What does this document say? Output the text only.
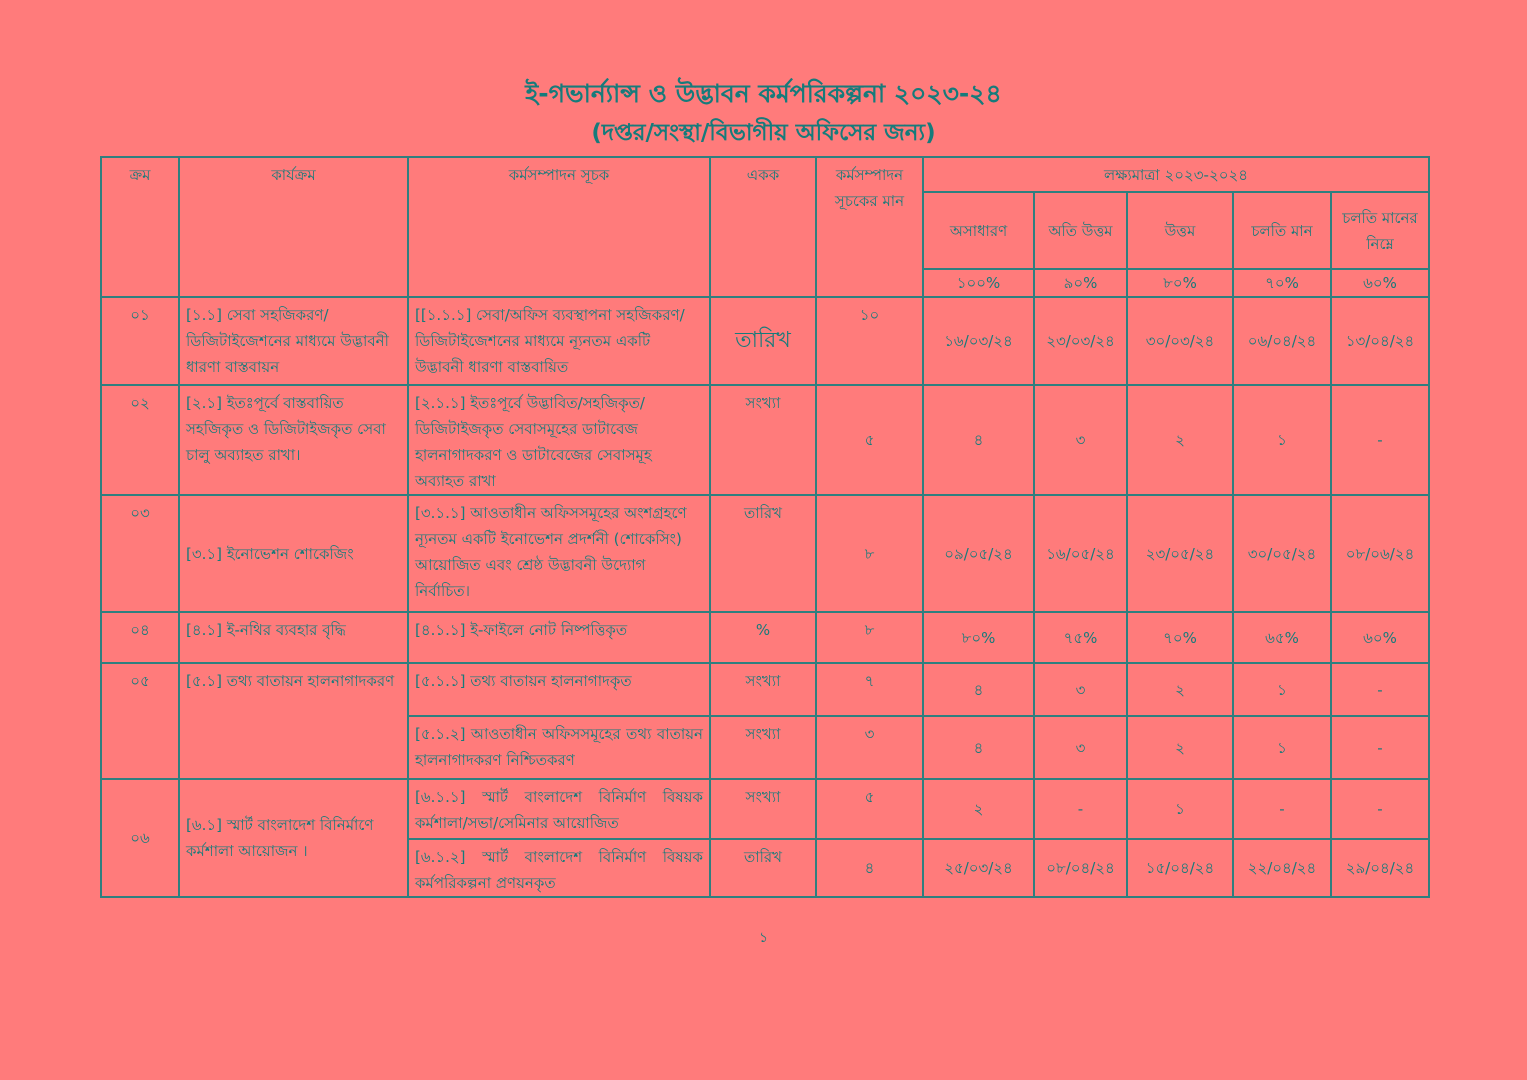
ই-গভার্ন্যান্স ও উদ্ভাবন কর্মপরিকল্পনা ২০২৩-২৪
(দপ্তর/সংস্থা/বিভাগীয় অফিসের জন্য)
ক্রম	কার্যক্রম	কর্মসম্পাদন সূচক	একক	কর্মসম্পাদন সূচকের মান	লক্ষ্যমাত্রা ২০২৩-২০২৪				
					অসাধারণ	অতি উত্তম	উত্তম	চলতি মান	চলতি মানের নিম্নে
					১০০%	৯০%	৮০%	৭০%	৬০%
০১	[১.১] সেবা সহজিকরণ/ ডিজিটাইজেশনের মাধ্যমে উদ্ভাবনী ধারণা বাস্তবায়ন	[[১.১.১] সেবা/অফিস ব্যবস্থাপনা সহজিকরণ/ডিজিটাইজেশনের মাধ্যমে ন্যূনতম একটি উদ্ভাবনী ধারণা বাস্তবায়িত	তারিখ	১০	১৬/০৩/২৪	২৩/০৩/২৪	৩০/০৩/২৪	০৬/০৪/২৪	১৩/০৪/২৪
০২	[২.১] ইতঃপূর্বে বাস্তবায়িত সহজিকৃত ও ডিজিটাইজকৃত সেবা চালু অব্যাহত রাখা।	[২.১.১] ইতঃপূর্বে উদ্ভাবিত/সহজিকৃত/ ডিজিটাইজকৃত সেবাসমূহের ডাটাবেজ হালনাগাদকরণ ও ডাটাবেজের সেবাসমূহ অব্যাহত রাখা	সংখ্যা	৫	৪	৩	২	১	-
০৩	[৩.১] ইনোভেশন শোকেজিং	[৩.১.১] আওতাধীন অফিসসমূহের অংশগ্রহণে ন্যূনতম একটি ইনোভেশন প্রদর্শনী (শোকেসিং) আয়োজিত এবং শ্রেষ্ঠ উদ্ভাবনী উদ্যোগ নির্বাচিত।	তারিখ	৮	০৯/০৫/২৪	১৬/০৫/২৪	২৩/০৫/২৪	৩০/০৫/২৪	০৮/০৬/২৪
০৪	[৪.১] ই-নথির ব্যবহার বৃদ্ধি	[৪.১.১] ই-ফাইলে নোট নিষ্পত্তিকৃত	%	৮	৮০%	৭৫%	৭০%	৬৫%	৬০%
০৫	[৫.১] তথ্য বাতায়ন হালনাগাদকরণ	[৫.১.১] তথ্য বাতায়ন হালনাগাদকৃত	সংখ্যা	৭	৪	৩	২	১	-
		[৫.১.২] আওতাধীন অফিসসমূহের তথ্য বাতায়ন হালনাগাদকরণ নিশ্চিতকরণ	সংখ্যা	৩	৪	৩	২	১	-
০৬	[৬.১] স্মার্ট বাংলাদেশ বিনির্মাণে কর্মশালা আয়োজন ।	[৬.১.১] স্মার্ট বাংলাদেশ বিনির্মাণ বিষয়ক কর্মশালা/সভা/সেমিনার আয়োজিত	সংখ্যা	৫	২	-	১	-	-
		[৬.১.২] স্মার্ট বাংলাদেশ বিনির্মাণ বিষয়ক কর্মপরিকল্পনা প্রণয়নকৃত	তারিখ	৪	২৫/০৩/২৪	০৮/০৪/২৪	১৫/০৪/২৪	২২/০৪/২৪	২৯/০৪/২৪
১
